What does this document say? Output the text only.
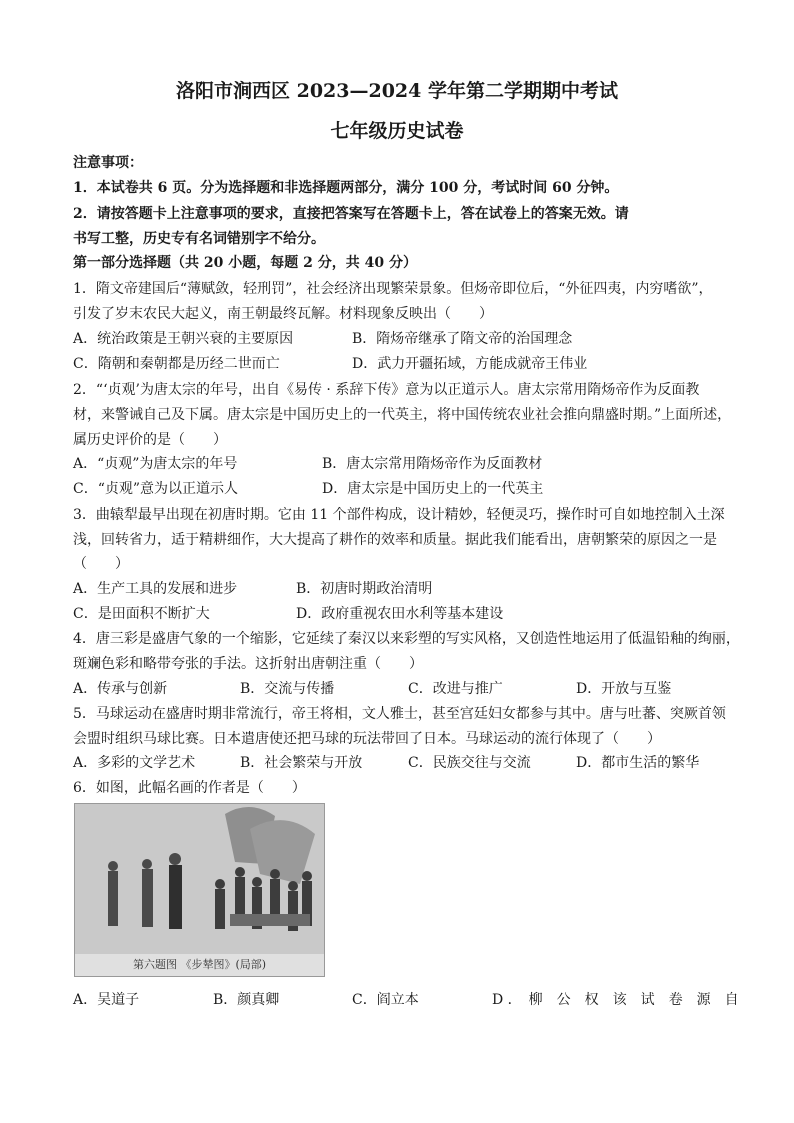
洛阳市涧西区 2023—2024 学年第二学期期中考试
七年级历史试卷
注意事项：
1．本试卷共 6 页。分为选择题和非选择题两部分，满分 100 分，考试时间 60 分钟。
2．请按答题卡上注意事项的要求，直接把答案写在答题卡上，答在试卷上的答案无效。请
书写工整，历史专有名词错别字不给分。
第一部分选择题（共 20 小题，每题 2 分，共 40 分）
1．隋文帝建国后“薄赋敛，轻刑罚”，社会经济出现繁荣景象。但炀帝即位后，“外征四夷，内穷嗜欲”，
引发了岁末农民大起义，南王朝最终瓦解。材料现象反映出（　　）
A．统治政策是王朝兴衰的主要原因	B．隋炀帝继承了隋文帝的治国理念
C．隋朝和秦朝都是历经二世而亡	D．武力开疆拓域，方能成就帝王伟业
2．“‘贞观’为唐太宗的年号，出自《易传 · 系辞下传》意为以正道示人。唐太宗常用隋炀帝作为反面教
材，来警诫自己及下属。唐太宗是中国历史上的一代英主，将中国传统农业社会推向鼎盛时期。”上面所述，
属历史评价的是（　　）
A．“贞观”为唐太宗的年号	B．唐太宗常用隋炀帝作为反面教材
C．“贞观”意为以正道示人	D．唐太宗是中国历史上的一代英主
3．曲辕犁最早出现在初唐时期。它由 11 个部件构成，设计精妙，轻便灵巧，操作时可自如地控制入土深
浅，回转省力，适于精耕细作，大大提高了耕作的效率和质量。据此我们能看出，唐朝繁荣的原因之一是
（　　）
A．生产工具的发展和进步	B．初唐时期政治清明
C．是田面积不断扩大	D．政府重视农田水利等基本建设
4．唐三彩是盛唐气象的一个缩影，它延续了秦汉以来彩塑的写实风格，又创造性地运用了低温铅釉的绚丽，
斑斓色彩和略带夸张的手法。这折射出唐朝注重（　　）
A．传承与创新	B．交流与传播	C．改进与推广	D．开放与互鉴
5．马球运动在盛唐时期非常流行，帝王将相，文人雅士，甚至宫廷妇女都参与其中。唐与吐蕃、突厥首领
会盟时组织马球比赛。日本遣唐使还把马球的玩法带回了日本。马球运动的流行体现了（　　）
A．多彩的文学艺术	B．社会繁荣与开放	C．民族交往与交流	D．都市生活的繁华
6．如图，此幅名画的作者是（　　）
第六题图 《步辇图》(局部)
A．吴道子	B．颜真卿	C．阎立本	D ．　柳　公　权　该　试　卷　源　自
